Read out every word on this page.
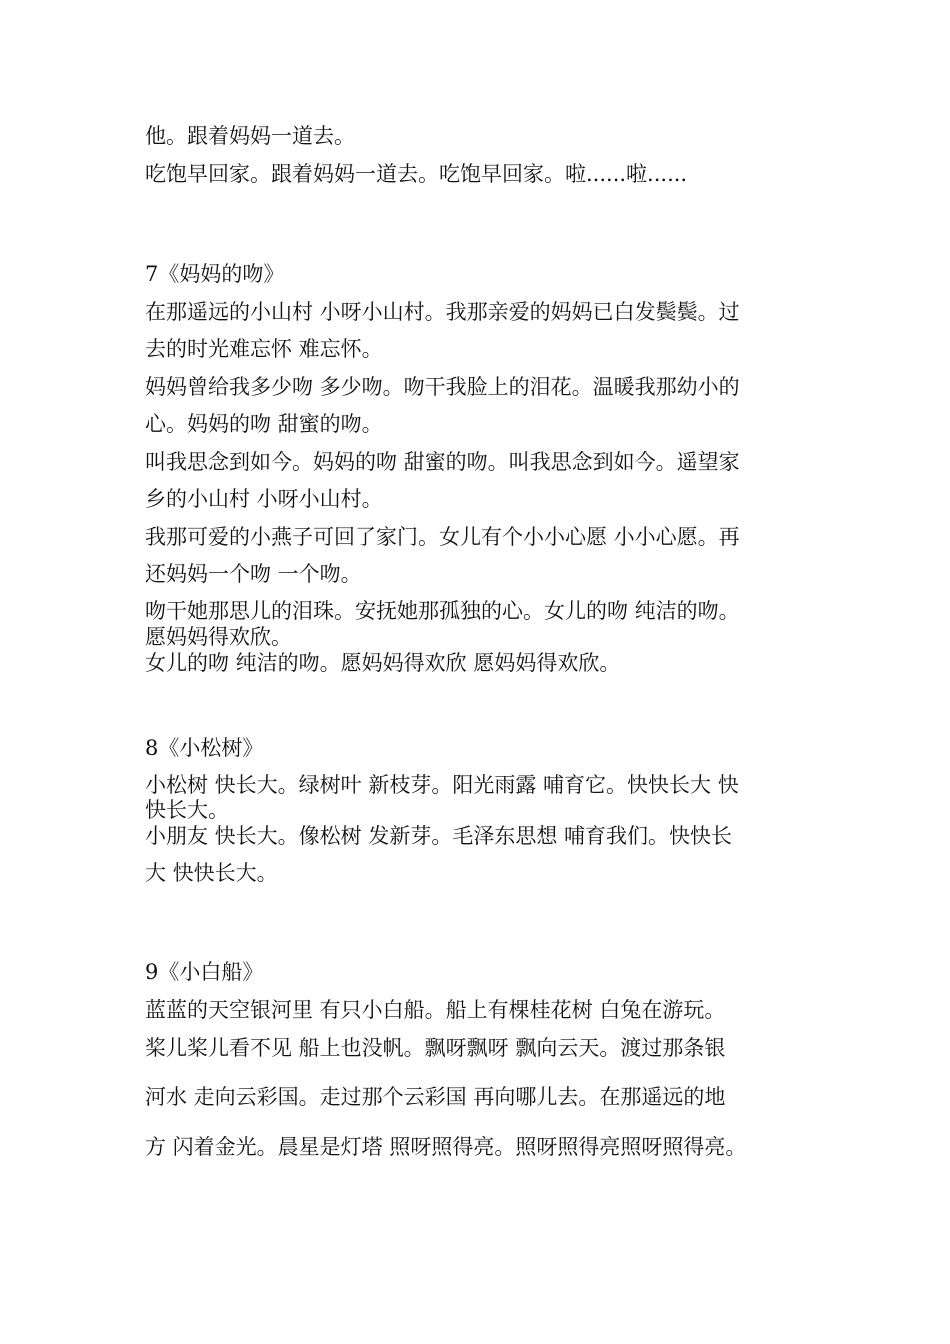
他。跟着妈妈一道去。

吃饱早回家。跟着妈妈一道去。吃饱早回家。啦......啦......

7《妈妈的吻》

在那遥远的小山村 小呀小山村。我那亲爱的妈妈已白发鬓鬓。过

去的时光难忘怀 难忘怀。

妈妈曾给我多少吻 多少吻。吻干我脸上的泪花。温暖我那幼小的

心。妈妈的吻 甜蜜的吻。

叫我思念到如今。妈妈的吻 甜蜜的吻。叫我思念到如今。遥望家

乡的小山村 小呀小山村。

我那可爱的小燕子可回了家门。女儿有个小小心愿 小小心愿。再

还妈妈一个吻 一个吻。

吻干她那思儿的泪珠。安抚她那孤独的心。女儿的吻 纯洁的吻。

愿妈妈得欢欣。

女儿的吻 纯洁的吻。愿妈妈得欢欣 愿妈妈得欢欣。

8《小松树》

小松树 快长大。绿树叶 新枝芽。阳光雨露 哺育它。快快长大 快

快长大。

小朋友 快长大。像松树 发新芽。毛泽东思想 哺育我们。快快长

大 快快长大。

9《小白船》

蓝蓝的天空银河里 有只小白船。船上有棵桂花树 白兔在游玩。

桨儿桨儿看不见 船上也没帆。飘呀飘呀 飘向云天。渡过那条银

河水 走向云彩国。走过那个云彩国 再向哪儿去。在那遥远的地

方 闪着金光。晨星是灯塔 照呀照得亮。照呀照得亮照呀照得亮。
